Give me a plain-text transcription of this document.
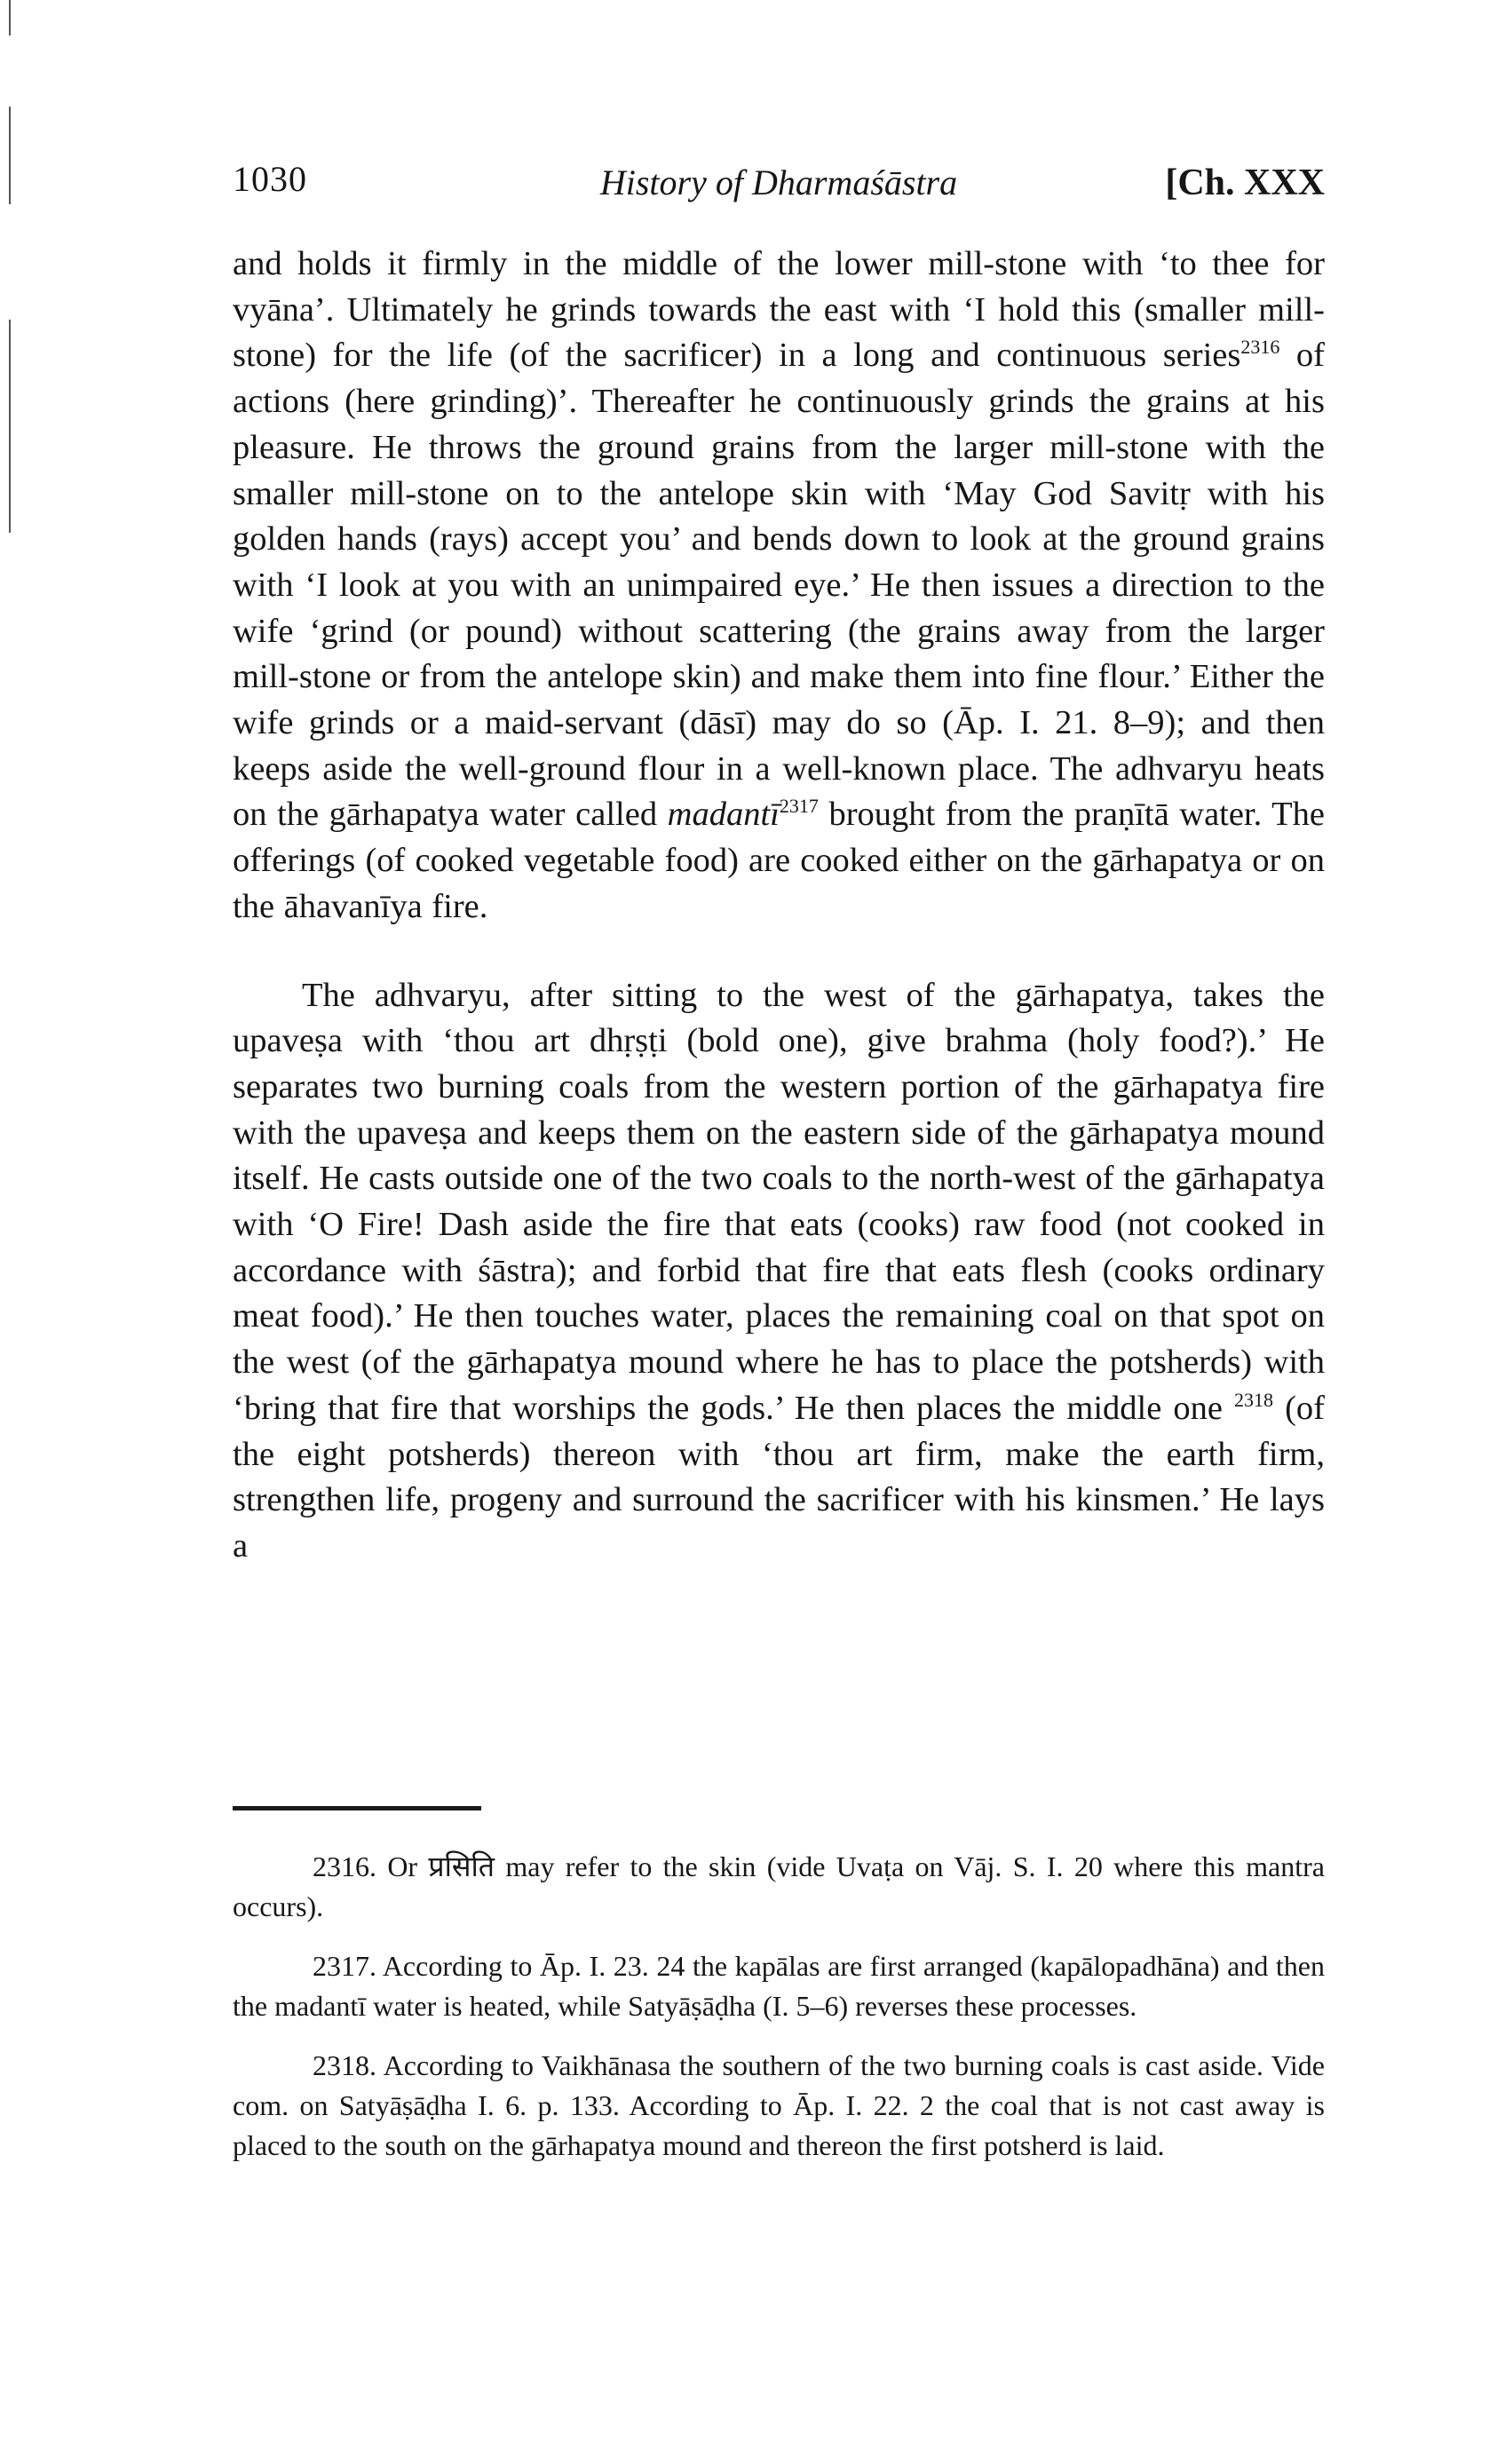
1030	History of Dharmaśāstra	[Ch. XXX

and holds it firmly in the middle of the lower mill-stone with ‘to thee for vyāna’. Ultimately he grinds towards the east with ‘I hold this (smaller mill-stone) for the life (of the sacrificer) in a long and continuous series$^{2316}$ of actions (here grinding)’. Thereafter he continuously grinds the grains at his pleasure. He throws the ground grains from the larger mill-stone with the smaller mill-stone on to the antelope skin with ‘May God Savitṛ with his golden hands (rays) accept you’ and bends down to look at the ground grains with ‘I look at you with an unimpaired eye.’ He then issues a direction to the wife ‘grind (or pound) without scattering (the grains away from the larger mill-stone or from the antelope skin) and make them into fine flour.’ Either the wife grinds or a maid-servant (dāsī) may do so (Āp. I. 21. 8–9); and then keeps aside the well-ground flour in a well-known place. The adhvaryu heats on the gārhapatya water called madantī$^{2317}$ brought from the praṇītā water. The offerings (of cooked vegetable food) are cooked either on the gārhapatya or on the āhavanīya fire.

The adhvaryu, after sitting to the west of the gārhapatya, takes the upaveṣa with ‘thou art dhṛṣṭi (bold one), give brahma (holy food?).’ He separates two burning coals from the western portion of the gārhapatya fire with the upaveṣa and keeps them on the eastern side of the gārhapatya mound itself. He casts outside one of the two coals to the north-west of the gārhapatya with ‘O Fire! Dash aside the fire that eats (cooks) raw food (not cooked in accordance with śāstra); and forbid that fire that eats flesh (cooks ordinary meat food).’ He then touches water, places the remaining coal on that spot on the west (of the gārhapatya mound where he has to place the potsherds) with ‘bring that fire that worships the gods.’ He then places the middle one $^{2318}$ (of the eight potsherds) thereon with ‘thou art firm, make the earth firm, strengthen life, progeny and surround the sacrificer with his kinsmen.’ He lays a

2316. Or प्रसिति may refer to the skin (vide Uvaṭa on Vāj. S. I. 20 where this mantra occurs).

2317. According to Āp. I. 23. 24 the kapālas are first arranged (kapālopadhāna) and then the madantī water is heated, while Satyāṣāḍha (I. 5–6) reverses these processes.

2318. According to Vaikhānasa the southern of the two burning coals is cast aside. Vide com. on Satyāṣāḍha I. 6. p. 133. According to Āp. I. 22. 2 the coal that is not cast away is placed to the south on the gārhapatya mound and thereon the first potsherd is laid.
